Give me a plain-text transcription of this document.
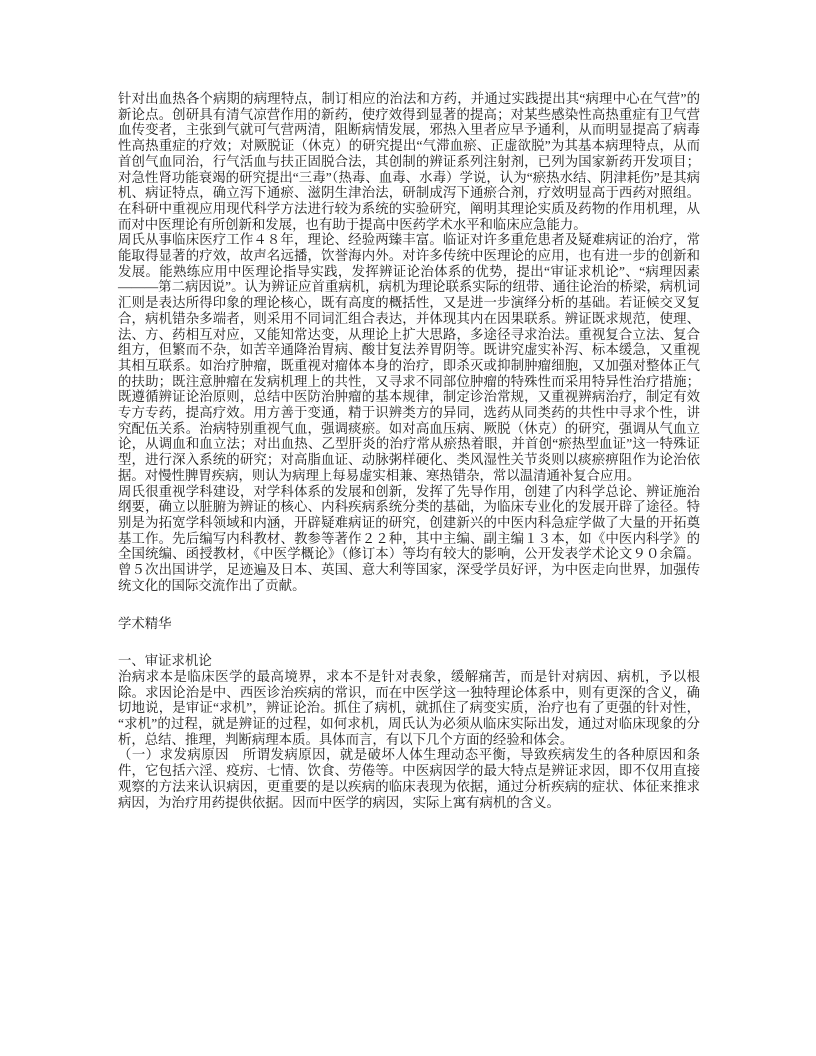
针对出血热各个病期的病理特点，制订相应的治法和方药，并通过实践提出其“病理中心在气营”的新论点。创研具有清气凉营作用的新药，使疗效得到显著的提高；对某些感染性高热重症有卫气营血传变者，主张到气就可气营两清，阻断病情发展，邪热入里者应早予通利，从而明显提高了病毒性高热重症的疗效；对厥脱证（休克）的研究提出“气滞血瘀、正虚欲脱”为其基本病理特点，从而首创气血同治，行气活血与扶正固脱合法，其创制的辨证系列注射剂，已列为国家新药开发项目；对急性肾功能衰竭的研究提出“三毒”（热毒、血毒、水毒）学说，认为“瘀热水结、阴津耗伤”是其病机、病证特点，确立泻下通瘀、滋阴生津治法，研制成泻下通瘀合剂，疗效明显高于西药对照组。在科研中重视应用现代科学方法进行较为系统的实验研究，阐明其理论实质及药物的作用机理，从而对中医理论有所创新和发展，也有助于提高中医药学术水平和临床应急能力。

周氏从事临床医疗工作４８年，理论、经验两臻丰富。临证对许多重危患者及疑难病证的治疗，常能取得显著的疗效，故声名远播，饮誉海内外。对许多传统中医理论的应用，也有进一步的创新和发展。能熟练应用中医理论指导实践，发挥辨证论治体系的优势，提出“审证求机论”、“病理因素———第二病因说”。认为辨证应首重病机，病机为理论联系实际的纽带、通往论治的桥梁，病机词汇则是表达所得印象的理论核心，既有高度的概括性，又是进一步演绎分析的基础。若证候交叉复合，病机错杂多端者，则采用不同词汇组合表达，并体现其内在因果联系。辨证既求规范，使理、法、方、药相互对应，又能知常达变，从理论上扩大思路，多途径寻求治法。重视复合立法、复合组方，但繁而不杂，如苦辛通降治胃病、酸甘复法养胃阴等。既讲究虚实补泻、标本缓急，又重视其相互联系。如治疗肿瘤，既重视对瘤体本身的治疗，即杀灭或抑制肿瘤细胞，又加强对整体正气的扶助；既注意肿瘤在发病机理上的共性，又寻求不同部位肿瘤的特殊性而采用特异性治疗措施；既遵循辨证论治原则，总结中医防治肿瘤的基本规律，制定诊治常规，又重视辨病治疗，制定有效专方专药，提高疗效。用方善于变通，精于识辨类方的异同，选药从同类药的共性中寻求个性，讲究配伍关系。治病特别重视气血，强调痰瘀。如对高血压病、厥脱（休克）的研究，强调从气血立论，从调血和血立法；对出血热、乙型肝炎的治疗常从瘀热着眼，并首创“瘀热型血证”这一特殊证型，进行深入系统的研究；对高脂血证、动脉粥样硬化、类风湿性关节炎则以痰瘀痹阻作为论治依据。对慢性脾胃疾病，则认为病理上每易虚实相兼、寒热错杂，常以温清通补复合应用。

周氏很重视学科建设，对学科体系的发展和创新，发挥了先导作用，创建了内科学总论、辨证施治纲要，确立以脏腑为辨证的核心、内科疾病系统分类的基础，为临床专业化的发展开辟了途径。特别是为拓宽学科领域和内涵，开辟疑难病证的研究，创建新兴的中医内科急症学做了大量的开拓奠基工作。先后编写内科教材、教参等著作２２种，其中主编、副主编１３本，如《中医内科学》的全国统编、函授教材，《中医学概论》（修订本）等均有较大的影响，公开发表学术论文９０余篇。曾５次出国讲学，足迹遍及日本、英国、意大利等国家，深受学员好评，为中医走向世界，加强传统文化的国际交流作出了贡献。

学术精华
一、审证求机论

治病求本是临床医学的最高境界，求本不是针对表象，缓解痛苦，而是针对病因、病机，予以根除。求因论治是中、西医诊治疾病的常识，而在中医学这一独特理论体系中，则有更深的含义，确切地说，是审证“求机”，辨证论治。抓住了病机，就抓住了病变实质，治疗也有了更强的针对性，“求机”的过程，就是辨证的过程，如何求机，周氏认为必须从临床实际出发，通过对临床现象的分析，总结、推理，判断病理本质。具体而言，有以下几个方面的经验和体会。

（一）求发病原因　所谓发病原因，就是破坏人体生理动态平衡，导致疾病发生的各种原因和条件，它包括六淫、疫疠、七情、饮食、劳倦等。中医病因学的最大特点是辨证求因，即不仅用直接观察的方法来认识病因，更重要的是以疾病的临床表现为依据，通过分析疾病的症状、体征来推求病因，为治疗用药提供依据。因而中医学的病因，实际上寓有病机的含义。
